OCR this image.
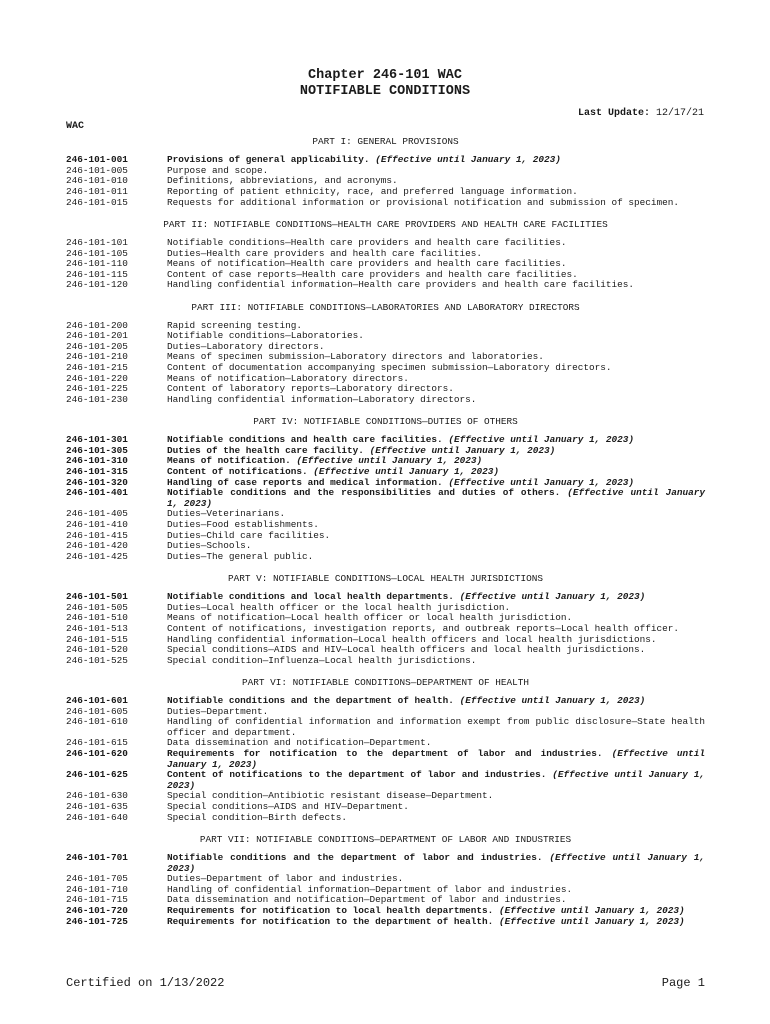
Chapter 246-101 WAC
NOTIFIABLE CONDITIONS
Last Update: 12/17/21
WAC
PART I: GENERAL PROVISIONS
246-101-001	Provisions of general applicability. (Effective until January 1, 2023)
246-101-005	Purpose and scope.
246-101-010	Definitions, abbreviations, and acronyms.
246-101-011	Reporting of patient ethnicity, race, and preferred language information.
246-101-015	Requests for additional information or provisional notification and submission of specimen.
PART II: NOTIFIABLE CONDITIONS—HEALTH CARE PROVIDERS AND HEALTH CARE FACILITIES
246-101-101	Notifiable conditions—Health care providers and health care facilities.
246-101-105	Duties—Health care providers and health care facilities.
246-101-110	Means of notification—Health care providers and health care facilities.
246-101-115	Content of case reports—Health care providers and health care facilities.
246-101-120	Handling confidential information—Health care providers and health care facilities.
PART III: NOTIFIABLE CONDITIONS—LABORATORIES AND LABORATORY DIRECTORS
246-101-200	Rapid screening testing.
246-101-201	Notifiable conditions—Laboratories.
246-101-205	Duties—Laboratory directors.
246-101-210	Means of specimen submission—Laboratory directors and laboratories.
246-101-215	Content of documentation accompanying specimen submission—Laboratory directors.
246-101-220	Means of notification—Laboratory directors.
246-101-225	Content of laboratory reports—Laboratory directors.
246-101-230	Handling confidential information—Laboratory directors.
PART IV: NOTIFIABLE CONDITIONS—DUTIES OF OTHERS
246-101-301	Notifiable conditions and health care facilities. (Effective until January 1, 2023)
246-101-305	Duties of the health care facility. (Effective until January 1, 2023)
246-101-310	Means of notification. (Effective until January 1, 2023)
246-101-315	Content of notifications. (Effective until January 1, 2023)
246-101-320	Handling of case reports and medical information. (Effective until January 1, 2023)
246-101-401	Notifiable conditions and the responsibilities and duties of others. (Effective until January 1, 2023)
246-101-405	Duties—Veterinarians.
246-101-410	Duties—Food establishments.
246-101-415	Duties—Child care facilities.
246-101-420	Duties—Schools.
246-101-425	Duties—The general public.
PART V: NOTIFIABLE CONDITIONS—LOCAL HEALTH JURISDICTIONS
246-101-501	Notifiable conditions and local health departments. (Effective until January 1, 2023)
246-101-505	Duties—Local health officer or the local health jurisdiction.
246-101-510	Means of notification—Local health officer or local health jurisdiction.
246-101-513	Content of notifications, investigation reports, and outbreak reports—Local health officer.
246-101-515	Handling confidential information—Local health officers and local health jurisdictions.
246-101-520	Special conditions—AIDS and HIV—Local health officers and local health jurisdictions.
246-101-525	Special condition—Influenza—Local health jurisdictions.
PART VI: NOTIFIABLE CONDITIONS—DEPARTMENT OF HEALTH
246-101-601	Notifiable conditions and the department of health. (Effective until January 1, 2023)
246-101-605	Duties—Department.
246-101-610	Handling of confidential information and information exempt from public disclosure—State health officer and department.
246-101-615	Data dissemination and notification—Department.
246-101-620	Requirements for notification to the department of labor and industries. (Effective until January 1, 2023)
246-101-625	Content of notifications to the department of labor and industries. (Effective until January 1, 2023)
246-101-630	Special condition—Antibiotic resistant disease—Department.
246-101-635	Special conditions—AIDS and HIV—Department.
246-101-640	Special condition—Birth defects.
PART VII: NOTIFIABLE CONDITIONS—DEPARTMENT OF LABOR AND INDUSTRIES
246-101-701	Notifiable conditions and the department of labor and industries. (Effective until January 1, 2023)
246-101-705	Duties—Department of labor and industries.
246-101-710	Handling of confidential information—Department of labor and industries.
246-101-715	Data dissemination and notification—Department of labor and industries.
246-101-720	Requirements for notification to local health departments. (Effective until January 1, 2023)
246-101-725	Requirements for notification to the department of health. (Effective until January 1, 2023)
Certified on 1/13/2022	Page 1
